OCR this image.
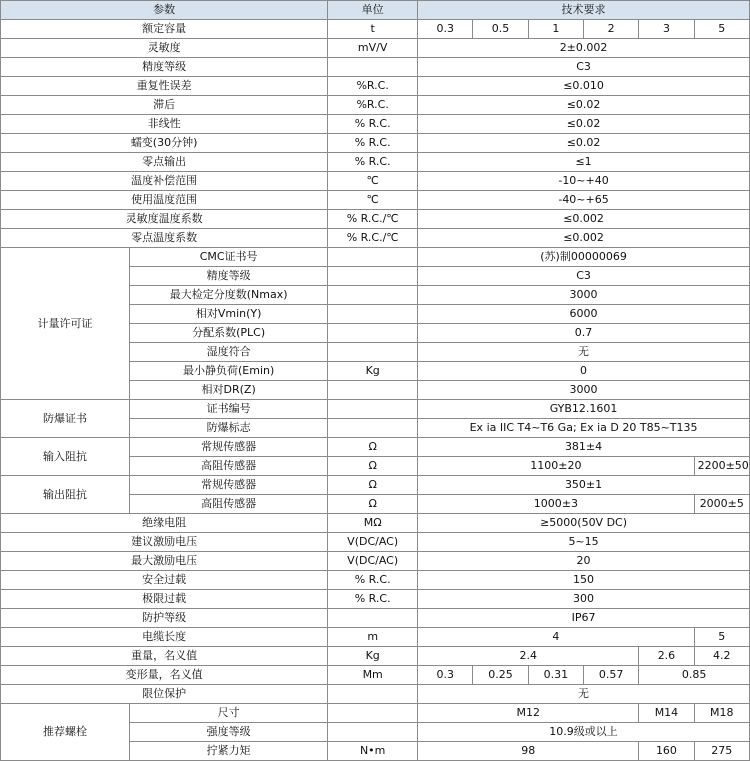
参数		单位	技术要求					
额定容量		t	0.3	0.5	1	2	3	5
灵敏度		mV/V	2±0.002					
精度等级			C3					
重复性误差		%R.C.	≤0.010					
滞后		%R.C.	≤0.02					
非线性		% R.C.	≤0.02					
蠕变(30分钟)		% R.C.	≤0.02					
零点输出		% R.C.	≤1					
温度补偿范围		℃	-10~+40					
使用温度范围		℃	-40~+65					
灵敏度温度系数		% R.C./℃	≤0.002					
零点温度系数		% R.C./℃	≤0.002					
计量许可证	CMC证书号		(苏)制00000069					
	精度等级		C3					
	最大检定分度数(Nmax)		3000					
	相对Vmin(Y)		6000					
	分配系数(PLC)		0.7					
	湿度符合		无					
	最小静负荷(Emin)	Kg	0					
	相对DR(Z)		3000					
防爆证书	证书编号		GYB12.1601					
	防爆标志		Ex ia IIC T4~T6 Ga; Ex ia D 20 T85~T135					
输入阻抗	常规传感器	Ω	381±4					
	高阻传感器	Ω	1100±20					2200±50
输出阻抗	常规传感器	Ω	350±1					
	高阻传感器	Ω	1000±3					2000±5
绝缘电阻		MΩ	≥5000(50V DC)					
建议激励电压		V(DC/AC)	5~15					
最大激励电压		V(DC/AC)	20					
安全过载		% R.C.	150					
极限过载		% R.C.	300					
防护等级			IP67					
电缆长度		m	4					5
重量，名义值		Kg	2.4				2.6	4.2
变形量，名义值		Mm	0.3	0.25	0.31	0.57	0.85	
限位保护			无					
推荐螺栓	尺寸		M12				M14	M18
	强度等级		10.9级或以上					
	拧紧力矩	N•m	98				160	275
